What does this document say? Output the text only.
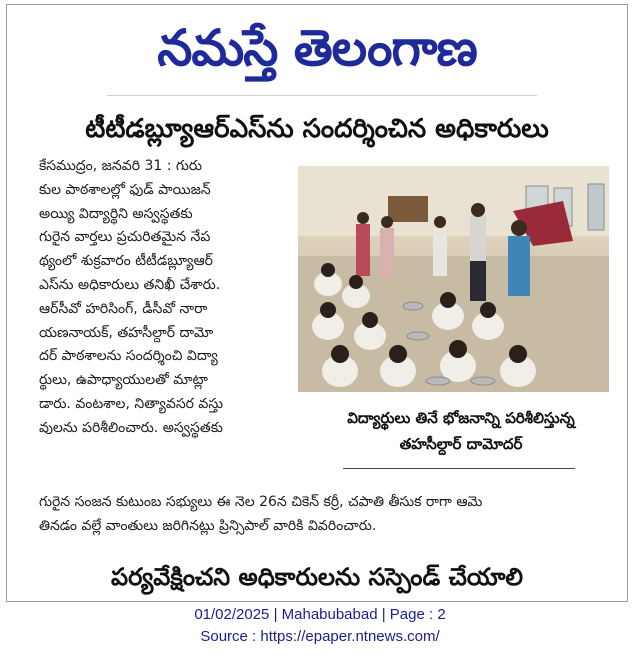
నమస్తే తెలంగాణ
టీటీడబ్ల్యూఆర్ఎస్‌ను సందర్శించిన అధికారులు
కేసముద్రం, జనవరి 31 : గురు
కుల పాఠశాలల్లో ఫుడ్ పాయిజన్
అయ్యి విద్యార్థిని అస్వస్థతకు
గురైన వార్తలు ప్రచురితమైన నేప
థ్యంలో శుక్రవారం టీటీడబ్ల్యూఆర్
ఎస్‌ను అధికారులు తనిఖీ చేశారు.
ఆర్‌సీవో హరిసింగ్, డీసీవో నారా
యణనాయక్, తహసీల్దార్ దామో
దర్ పాఠశాలను సందర్శించి విద్యా
ర్థులు, ఉపాధ్యాయులతో మాట్లా
డారు. వంటశాల, నిత్యావసర వస్తు
వులను పరిశీలించారు. అస్వస్థతకు
విద్యార్థులు తినే భోజనాన్ని పరిశీలిస్తున్న
తహసీల్దార్ దామోదర్
గురైన సంజన కుటుంబ సభ్యులు ఈ నెల 26న చికెన్ కర్రీ, చపాతి తీసుక రాగా ఆమె
తినడం వల్లే వాంతులు జరిగినట్లు ప్రిన్సిపాల్ వారికి వివరించారు.
పర్యవేక్షించని అధికారులను సస్పెండ్ చేయాలి
01/02/2025 | Mahabubabad | Page : 2
Source : https://epaper.ntnews.com/
